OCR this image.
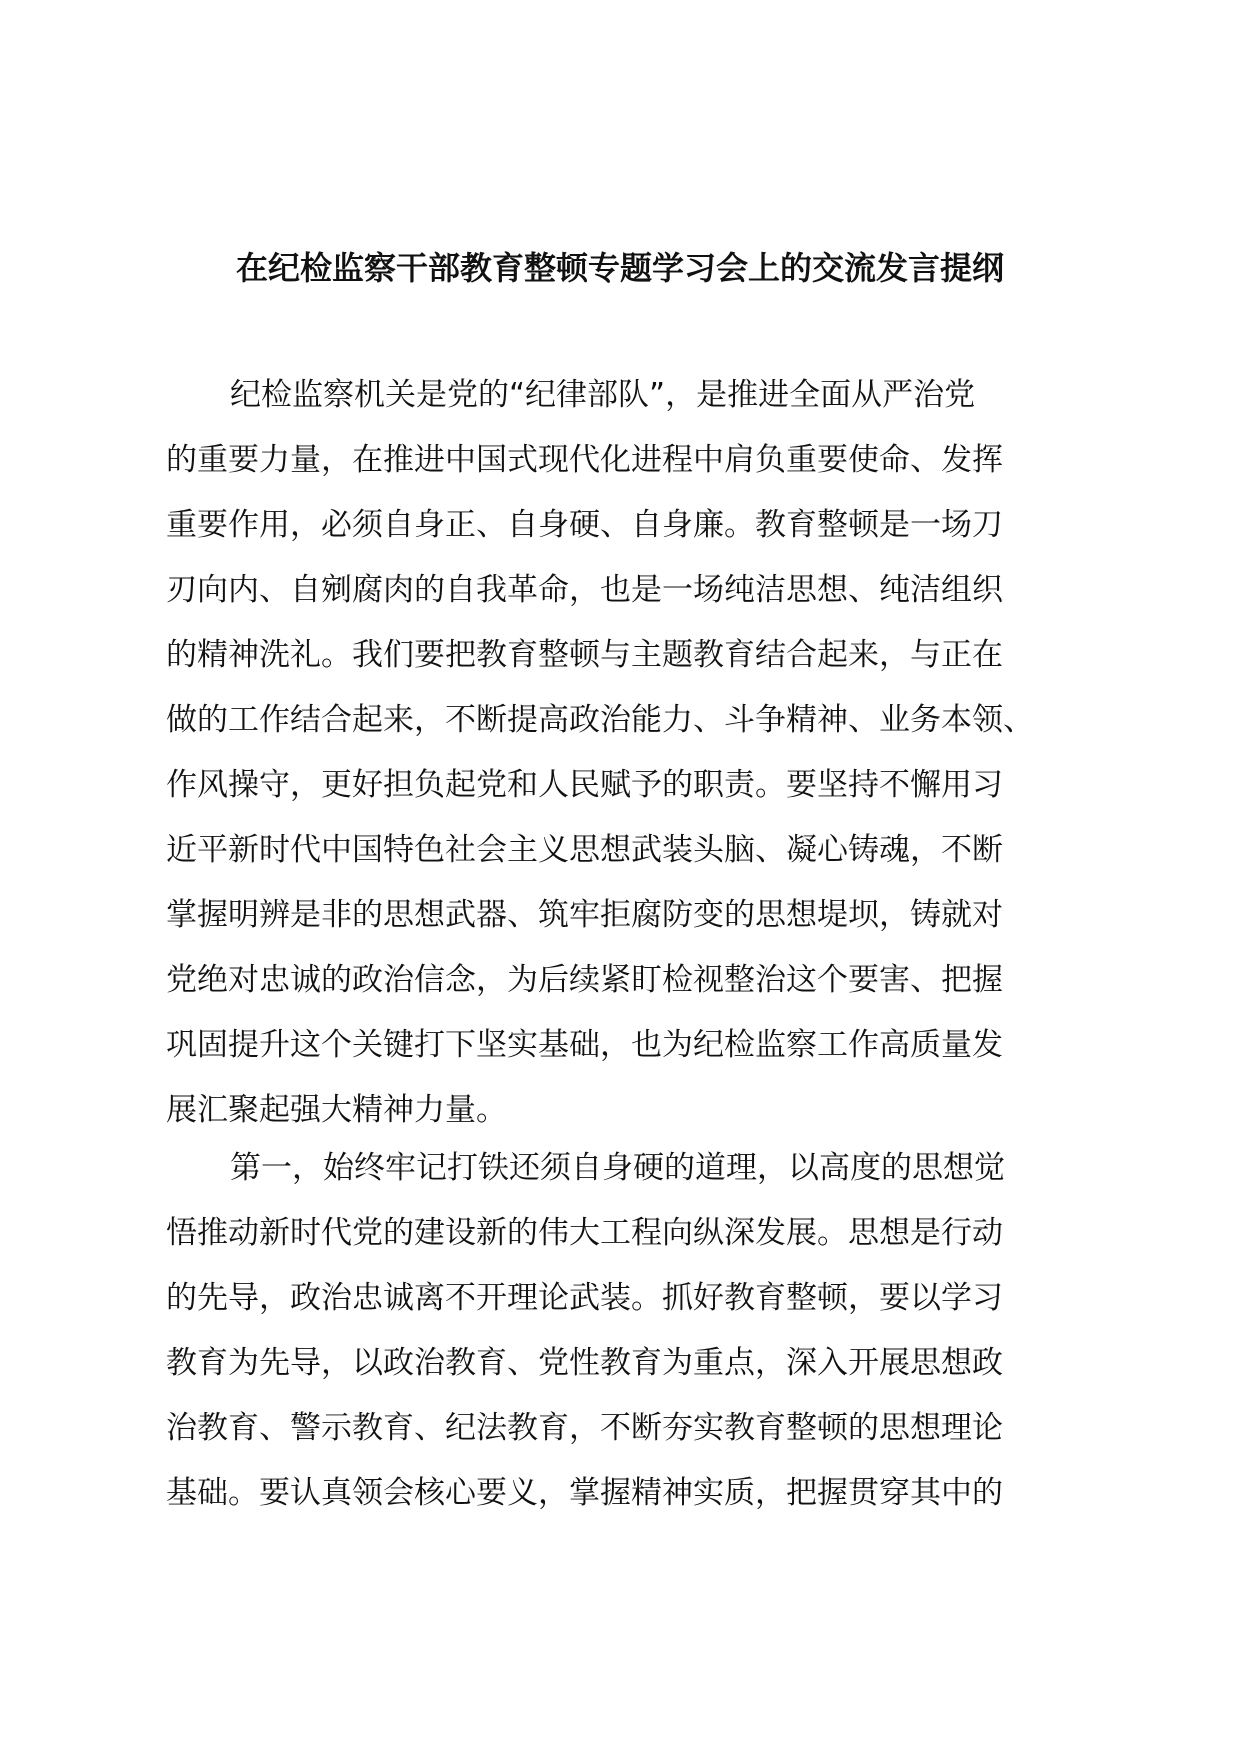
在纪检监察干部教育整顿专题学习会上的交流发言提纲
纪检监察机关是党的“纪律部队”，是推进全面从严治党
的重要力量，在推进中国式现代化进程中肩负重要使命、发挥
重要作用，必须自身正、自身硬、自身廉。教育整顿是一场刀
刃向内、自剜腐肉的自我革命，也是一场纯洁思想、纯洁组织
的精神洗礼。我们要把教育整顿与主题教育结合起来，与正在
做的工作结合起来，不断提高政治能力、斗争精神、业务本领、
作风操守，更好担负起党和人民赋予的职责。要坚持不懈用习
近平新时代中国特色社会主义思想武装头脑、凝心铸魂，不断
掌握明辨是非的思想武器、筑牢拒腐防变的思想堤坝，铸就对
党绝对忠诚的政治信念，为后续紧盯检视整治这个要害、把握
巩固提升这个关键打下坚实基础，也为纪检监察工作高质量发
展汇聚起强大精神力量。
第一，始终牢记打铁还须自身硬的道理，以高度的思想觉
悟推动新时代党的建设新的伟大工程向纵深发展。思想是行动
的先导，政治忠诚离不开理论武装。抓好教育整顿，要以学习
教育为先导，以政治教育、党性教育为重点，深入开展思想政
治教育、警示教育、纪法教育，不断夯实教育整顿的思想理论
基础。要认真领会核心要义，掌握精神实质，把握贯穿其中的
